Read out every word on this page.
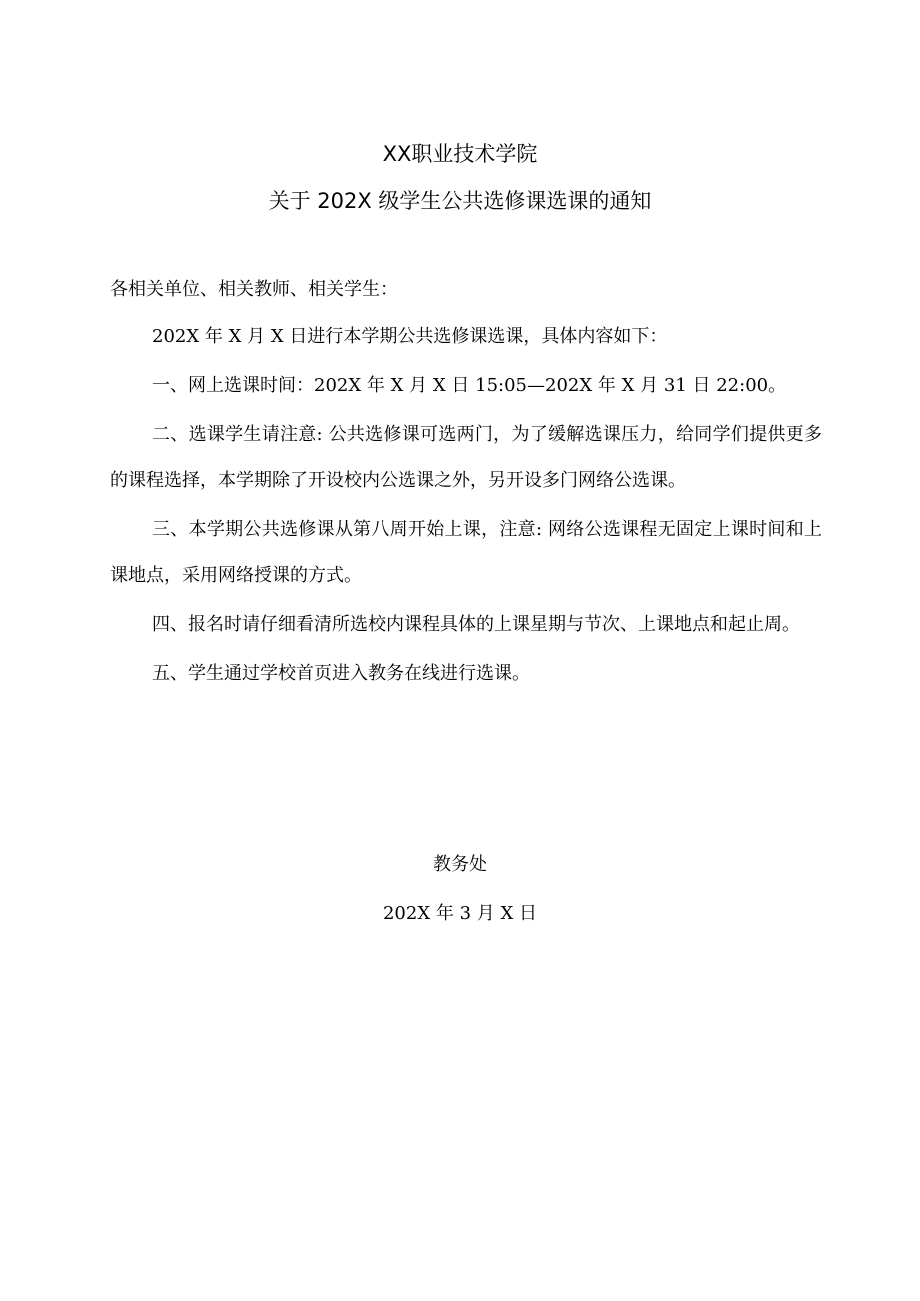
XX职业技术学院
关于 202X 级学生公共选修课选课的通知

各相关单位、相关教师、相关学生：

202X 年 X 月 X 日进行本学期公共选修课选课，具体内容如下：

一、网上选课时间：202X 年 X 月 X 日 15:05—202X 年 X 月 31 日 22:00。

二、选课学生请注意: 公共选修课可选两门，为了缓解选课压力，给同学们提供更多的课程选择，本学期除了开设校内公选课之外，另开设多门网络公选课。

三、本学期公共选修课从第八周开始上课，注意: 网络公选课程无固定上课时间和上课地点，采用网络授课的方式。

四、报名时请仔细看清所选校内课程具体的上课星期与节次、上课地点和起止周。

五、学生通过学校首页进入教务在线进行选课。

教务处

202X 年 3 月 X 日
